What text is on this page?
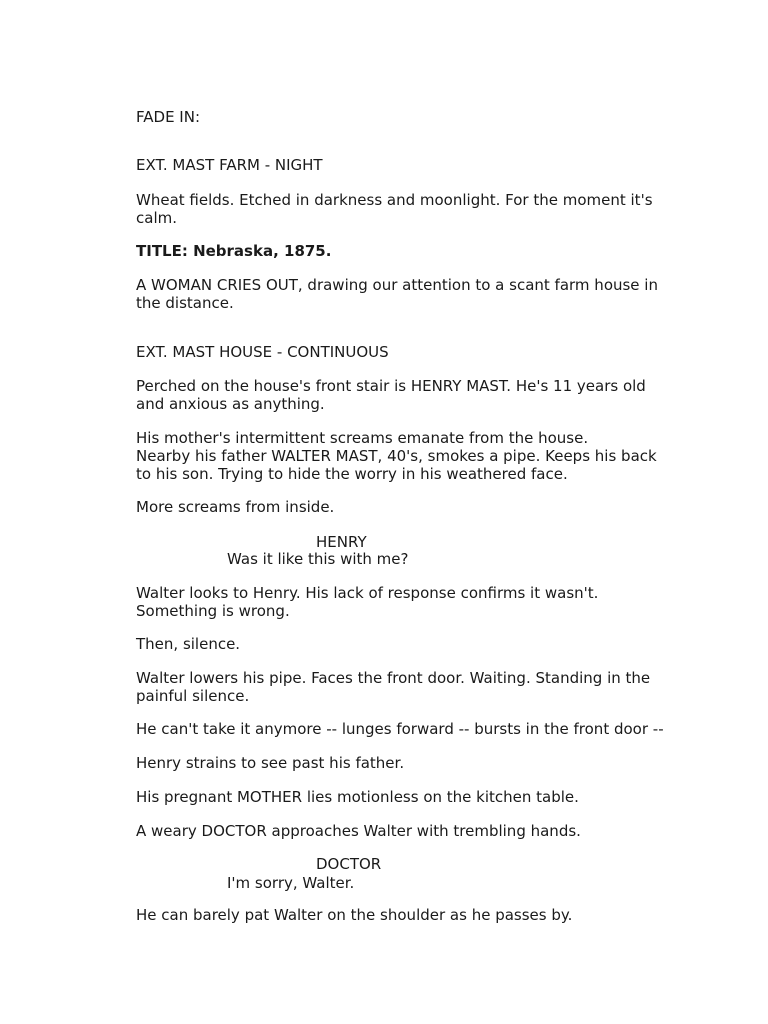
FADE IN:

EXT. MAST FARM - NIGHT

Wheat fields. Etched in darkness and moonlight. For the moment it's

calm.

TITLE: Nebraska, 1875.

A WOMAN CRIES OUT, drawing our attention to a scant farm house in

the distance.

EXT. MAST HOUSE - CONTINUOUS

Perched on the house's front stair is HENRY MAST. He's 11 years old

and anxious as anything.

His mother's intermittent screams emanate from the house.

Nearby his father WALTER MAST, 40's, smokes a pipe. Keeps his back

to his son. Trying to hide the worry in his weathered face.

More screams from inside.

HENRY

Was it like this with me?

Walter looks to Henry. His lack of response confirms it wasn't.

Something is wrong.

Then, silence.

Walter lowers his pipe. Faces the front door. Waiting. Standing in the

painful silence.

He can't take it anymore -- lunges forward -- bursts in the front door --

Henry strains to see past his father.

His pregnant MOTHER lies motionless on the kitchen table.

A weary DOCTOR approaches Walter with trembling hands.

DOCTOR

I'm sorry, Walter.

He can barely pat Walter on the shoulder as he passes by.
